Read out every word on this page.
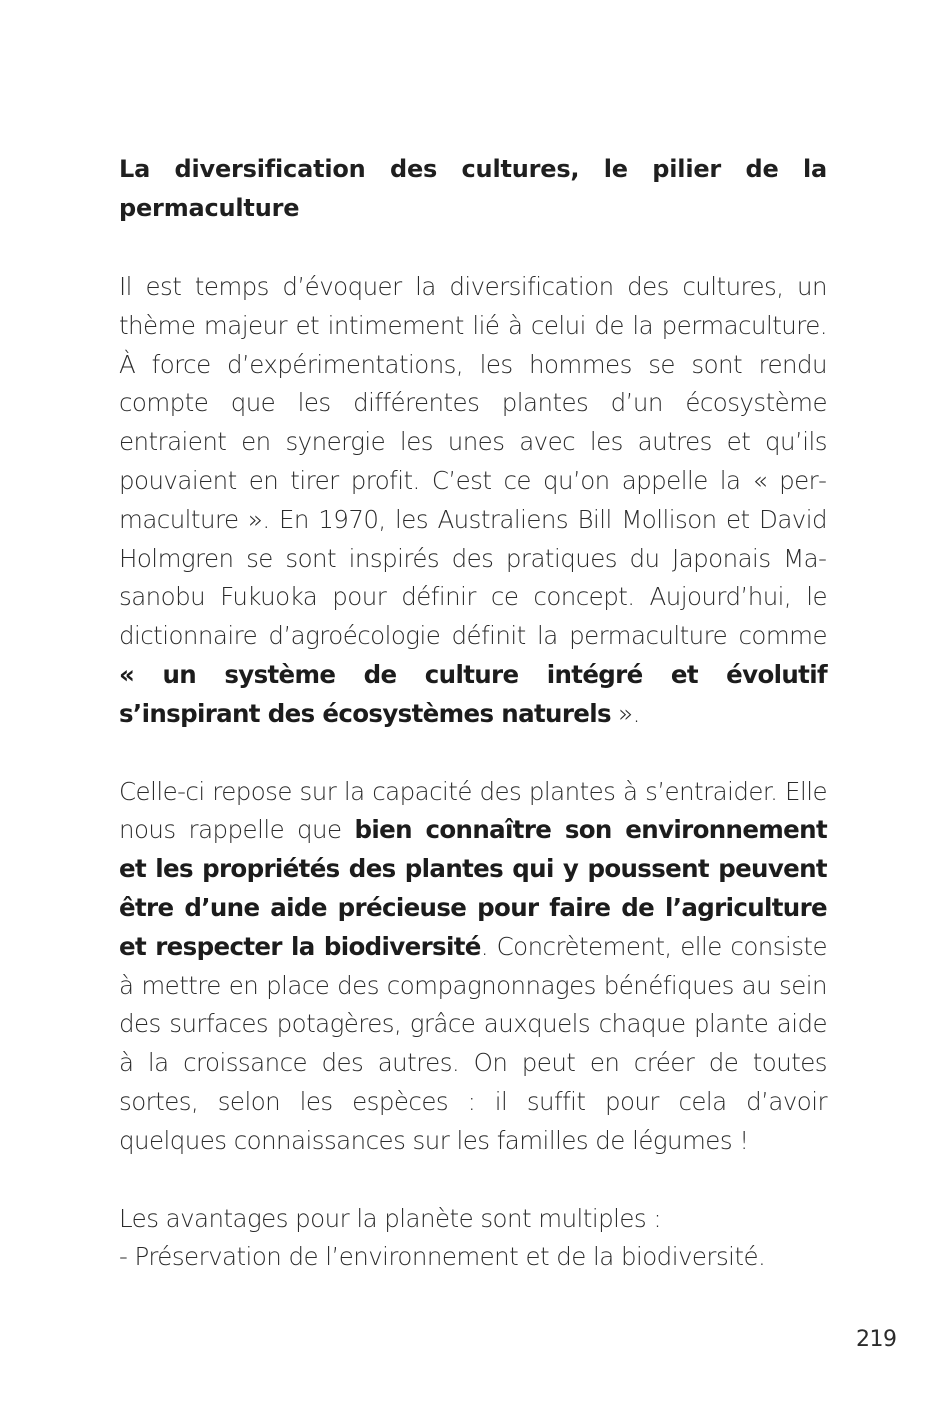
La diversification des cultures, le pilier de la permaculture

Il est temps d’évoquer la diversification des cultures, un thème majeur et intimement lié à celui de la permaculture. À force d’expérimentations, les hommes se sont rendu compte que les différentes plantes d’un écosystème entraient en synergie les unes avec les autres et qu’ils pouvaient en tirer profit. C’est ce qu’on appelle la « permaculture ». En 1970, les Australiens Bill Mollison et David Holmgren se sont inspirés des pratiques du Japonais Masanobu Fukuoka pour définir ce concept. Aujourd’hui, le dictionnaire d’agroécologie définit la permaculture comme « un système de culture intégré et évolutif s’inspirant des écosystèmes naturels ».

Celle-ci repose sur la capacité des plantes à s’entraider. Elle nous rappelle que bien connaître son environnement et les propriétés des plantes qui y poussent peuvent être d’une aide précieuse pour faire de l’agriculture et respecter la biodiversité. Concrètement, elle consiste à mettre en place des compagnonnages bénéfiques au sein des surfaces potagères, grâce auxquels chaque plante aide à la croissance des autres. On peut en créer de toutes sortes, selon les espèces : il suffit pour cela d’avoir quelques connaissances sur les familles de légumes !

Les avantages pour la planète sont multiples :
- Préservation de l’environnement et de la biodiversité.

219
